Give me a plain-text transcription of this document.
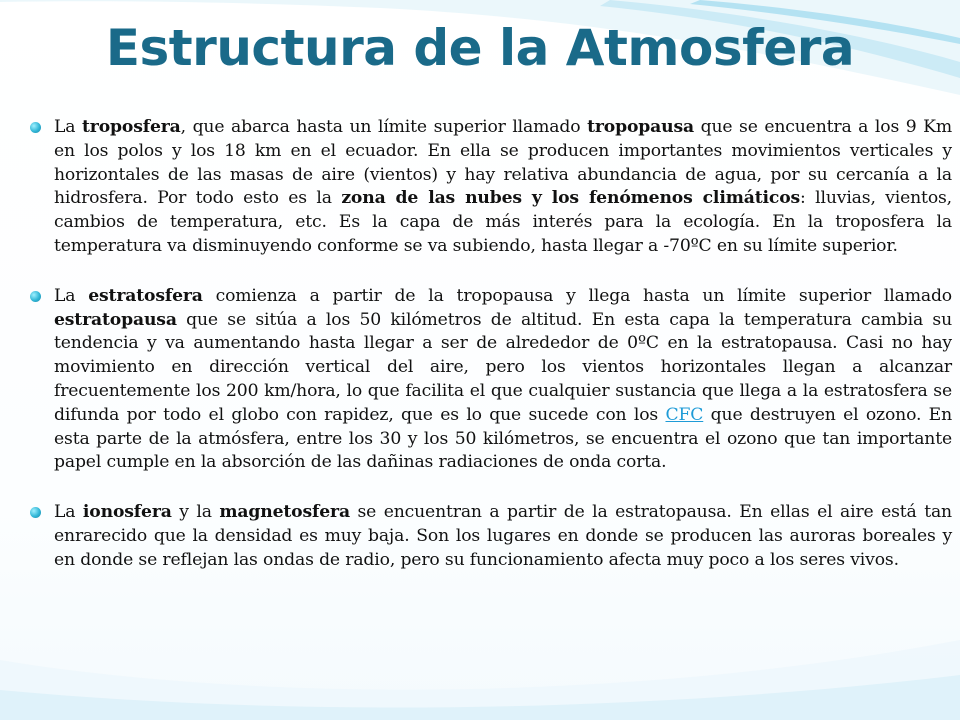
Estructura de la Atmosfera

La troposfera, que abarca hasta un límite superior llamado tropopausa que se encuentra a los 9 Km en los polos y los 18 km en el ecuador. En ella se producen importantes movimientos verticales y horizontales de las masas de aire (vientos) y hay relativa abundancia de agua, por su cercanía a la hidrosfera. Por todo esto es la zona de las nubes y los fenómenos climáticos: lluvias, vientos, cambios de temperatura, etc. Es la capa de más interés para la ecología. En la troposfera la temperatura va disminuyendo conforme se va subiendo, hasta llegar a -70ºC en su límite superior.

La estratosfera comienza a partir de la tropopausa y llega hasta un límite superior llamado estratopausa que se sitúa a los 50 kilómetros de altitud. En esta capa la temperatura cambia su tendencia y va aumentando hasta llegar a ser de alrededor de 0ºC en la estratopausa. Casi no hay movimiento en dirección vertical del aire, pero los vientos horizontales llegan a alcanzar frecuentemente los 200 km/hora, lo que facilita el que cualquier sustancia que llega a la estratosfera se difunda por todo el globo con rapidez, que es lo que sucede con los CFC que destruyen el ozono. En esta parte de la atmósfera, entre los 30 y los 50 kilómetros, se encuentra el ozono que tan importante papel cumple en la absorción de las dañinas radiaciones de onda corta.

La ionosfera y la magnetosfera se encuentran a partir de la estratopausa. En ellas el aire está tan enrarecido que la densidad es muy baja. Son los lugares en donde se producen las auroras boreales y en donde se reflejan las ondas de radio, pero su funcionamiento afecta muy poco a los seres vivos.
